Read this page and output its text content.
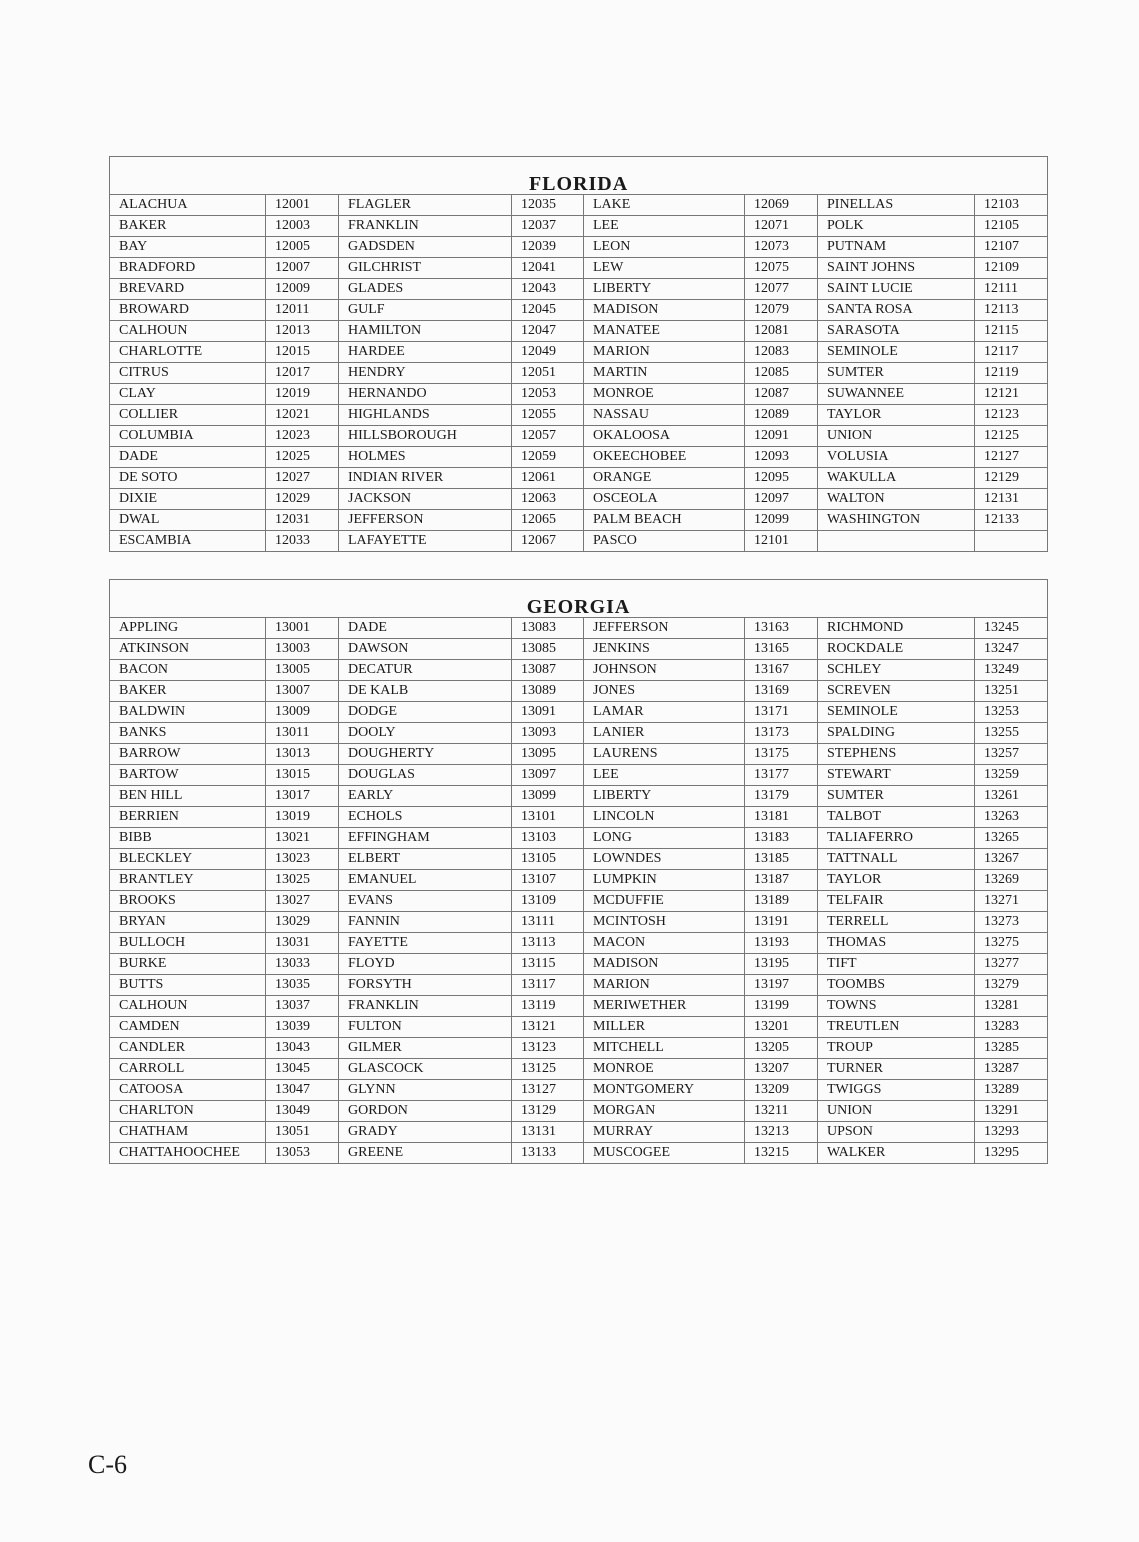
FLORIDA							
ALACHUA	12001	FLAGLER	12035	LAKE	12069	PINELLAS	12103
BAKER	12003	FRANKLIN	12037	LEE	12071	POLK	12105
BAY	12005	GADSDEN	12039	LEON	12073	PUTNAM	12107
BRADFORD	12007	GILCHRIST	12041	LEW	12075	SAINT JOHNS	12109
BREVARD	12009	GLADES	12043	LIBERTY	12077	SAINT LUCIE	12111
BROWARD	12011	GULF	12045	MADISON	12079	SANTA ROSA	12113
CALHOUN	12013	HAMILTON	12047	MANATEE	12081	SARASOTA	12115
CHARLOTTE	12015	HARDEE	12049	MARION	12083	SEMINOLE	12117
CITRUS	12017	HENDRY	12051	MARTIN	12085	SUMTER	12119
CLAY	12019	HERNANDO	12053	MONROE	12087	SUWANNEE	12121
COLLIER	12021	HIGHLANDS	12055	NASSAU	12089	TAYLOR	12123
COLUMBIA	12023	HILLSBOROUGH	12057	OKALOOSA	12091	UNION	12125
DADE	12025	HOLMES	12059	OKEECHOBEE	12093	VOLUSIA	12127
DE SOTO	12027	INDIAN RIVER	12061	ORANGE	12095	WAKULLA	12129
DIXIE	12029	JACKSON	12063	OSCEOLA	12097	WALTON	12131
DWAL	12031	JEFFERSON	12065	PALM BEACH	12099	WASHINGTON	12133
ESCAMBIA	12033	LAFAYETTE	12067	PASCO	12101		
GEORGIA							
APPLING	13001	DADE	13083	JEFFERSON	13163	RICHMOND	13245
ATKINSON	13003	DAWSON	13085	JENKINS	13165	ROCKDALE	13247
BACON	13005	DECATUR	13087	JOHNSON	13167	SCHLEY	13249
BAKER	13007	DE KALB	13089	JONES	13169	SCREVEN	13251
BALDWIN	13009	DODGE	13091	LAMAR	13171	SEMINOLE	13253
BANKS	13011	DOOLY	13093	LANIER	13173	SPALDING	13255
BARROW	13013	DOUGHERTY	13095	LAURENS	13175	STEPHENS	13257
BARTOW	13015	DOUGLAS	13097	LEE	13177	STEWART	13259
BEN HILL	13017	EARLY	13099	LIBERTY	13179	SUMTER	13261
BERRIEN	13019	ECHOLS	13101	LINCOLN	13181	TALBOT	13263
BIBB	13021	EFFINGHAM	13103	LONG	13183	TALIAFERRO	13265
BLECKLEY	13023	ELBERT	13105	LOWNDES	13185	TATTNALL	13267
BRANTLEY	13025	EMANUEL	13107	LUMPKIN	13187	TAYLOR	13269
BROOKS	13027	EVANS	13109	MCDUFFIE	13189	TELFAIR	13271
BRYAN	13029	FANNIN	13111	MCINTOSH	13191	TERRELL	13273
BULLOCH	13031	FAYETTE	13113	MACON	13193	THOMAS	13275
BURKE	13033	FLOYD	13115	MADISON	13195	TIFT	13277
BUTTS	13035	FORSYTH	13117	MARION	13197	TOOMBS	13279
CALHOUN	13037	FRANKLIN	13119	MERIWETHER	13199	TOWNS	13281
CAMDEN	13039	FULTON	13121	MILLER	13201	TREUTLEN	13283
CANDLER	13043	GILMER	13123	MITCHELL	13205	TROUP	13285
CARROLL	13045	GLASCOCK	13125	MONROE	13207	TURNER	13287
CATOOSA	13047	GLYNN	13127	MONTGOMERY	13209	TWIGGS	13289
CHARLTON	13049	GORDON	13129	MORGAN	13211	UNION	13291
CHATHAM	13051	GRADY	13131	MURRAY	13213	UPSON	13293
CHATTAHOOCHEE	13053	GREENE	13133	MUSCOGEE	13215	WALKER	13295
C-6
